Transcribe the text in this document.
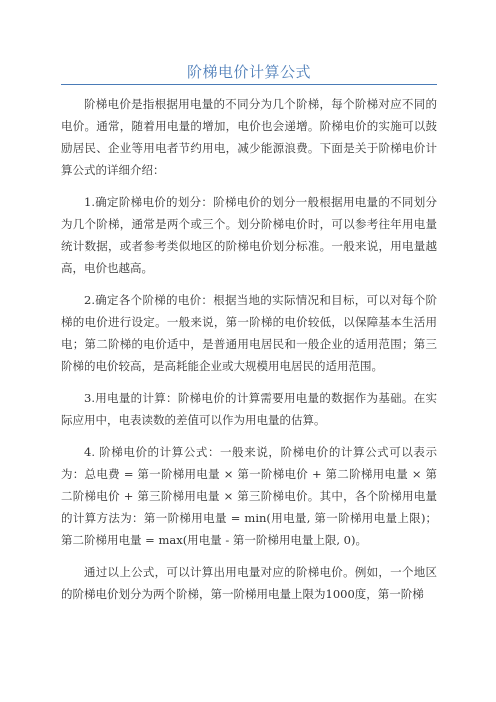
阶梯电价计算公式

阶梯电价是指根据用电量的不同分为几个阶梯，每个阶梯对应不同的电价。通常，随着用电量的增加，电价也会递增。阶梯电价的实施可以鼓励居民、企业等用电者节约用电，减少能源浪费。下面是关于阶梯电价计算公式的详细介绍：

1.确定阶梯电价的划分：阶梯电价的划分一般根据用电量的不同划分为几个阶梯，通常是两个或三个。划分阶梯电价时，可以参考往年用电量统计数据，或者参考类似地区的阶梯电价划分标准。一般来说，用电量越高，电价也越高。

2.确定各个阶梯的电价：根据当地的实际情况和目标，可以对每个阶梯的电价进行设定。一般来说，第一阶梯的电价较低，以保障基本生活用电；第二阶梯的电价适中，是普通用电居民和一般企业的适用范围；第三阶梯的电价较高，是高耗能企业或大规模用电居民的适用范围。

3.用电量的计算：阶梯电价的计算需要用电量的数据作为基础。在实际应用中，电表读数的差值可以作为用电量的估算。

4. 阶梯电价的计算公式：一般来说，阶梯电价的计算公式可以表示为：总电费 = 第一阶梯用电量 × 第一阶梯电价 + 第二阶梯用电量 × 第二阶梯电价 + 第三阶梯用电量 × 第三阶梯电价。其中，各个阶梯用电量的计算方法为：第一阶梯用电量 = min(用电量, 第一阶梯用电量上限)；第二阶梯用电量 = max(用电量 - 第一阶梯用电量上限, 0)。

通过以上公式，可以计算出用电量对应的阶梯电价。例如，一个地区的阶梯电价划分为两个阶梯，第一阶梯用电量上限为1000度，第一阶梯
